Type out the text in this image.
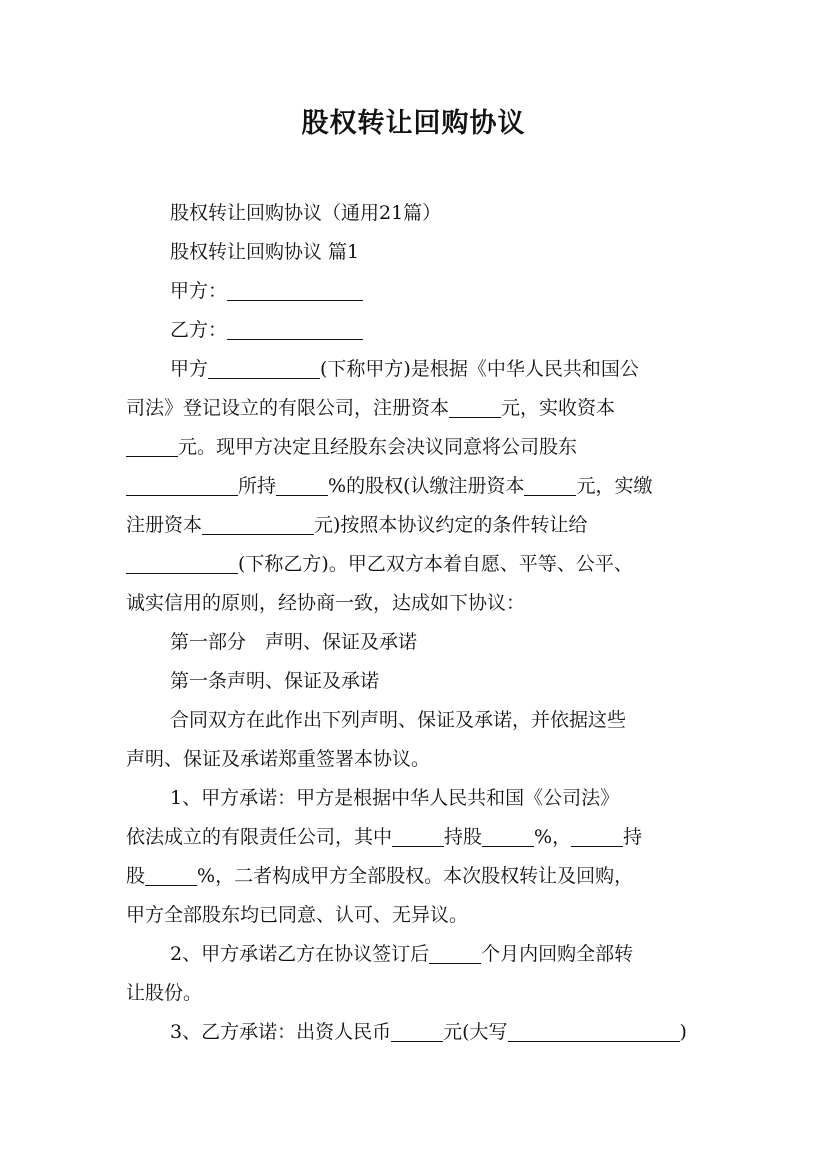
股权转让回购协议
股权转让回购协议（通用21篇）
股权转让回购协议 篇1
甲方：
乙方：
甲方	(下称甲方)是根据《中华人民共和国公
司法》登记设立的有限公司，注册资本	元，实收资本
元。现甲方决定且经股东会决议同意将公司股东
所持	%的股权(认缴注册资本	元，实缴
注册资本	元)按照本协议约定的条件转让给
(下称乙方)。甲乙双方本着自愿、平等、公平、
诚实信用的原则，经协商一致，达成如下协议：
第一部分　声明、保证及承诺
第一条声明、保证及承诺
合同双方在此作出下列声明、保证及承诺，并依据这些
声明、保证及承诺郑重签署本协议。
1、甲方承诺：甲方是根据中华人民共和国《公司法》
依法成立的有限责任公司，其中	持股	%，	持
股	%，二者构成甲方全部股权。本次股权转让及回购，
甲方全部股东均已同意、认可、无异议。
2、甲方承诺乙方在协议签订后	个月内回购全部转
让股份。
3、乙方承诺：出资人民币	元(大写	)
